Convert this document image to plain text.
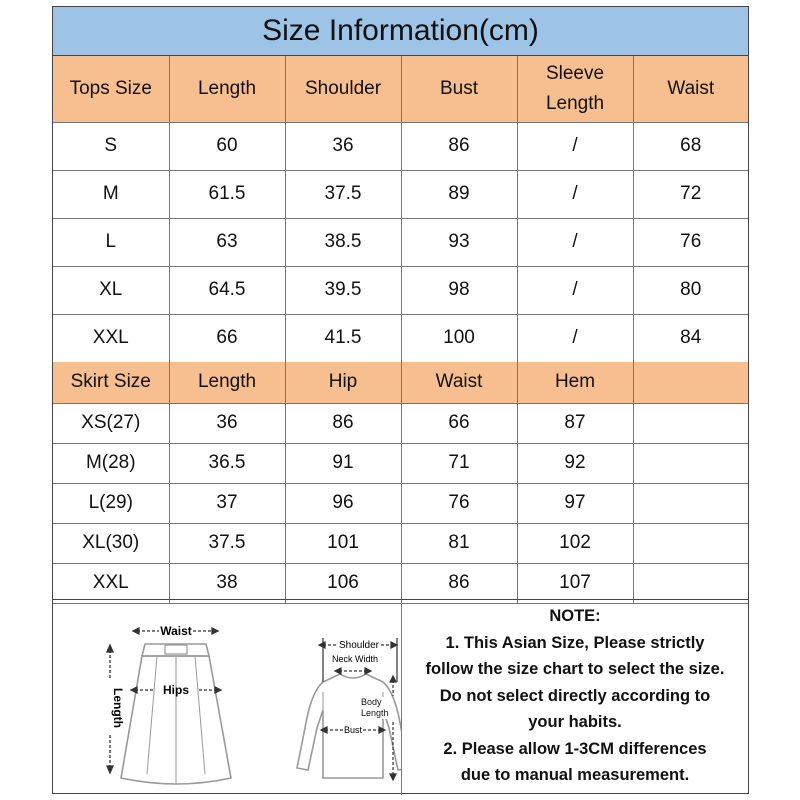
Size Information(cm)
Tops Size	Length	Shoulder	Bust	Sleeve Length	Waist
S	60	36	86	/	68
M	61.5	37.5	89	/	72
L	63	38.5	93	/	76
XL	64.5	39.5	98	/	80
XXL	66	41.5	100	/	84
Skirt Size	Length	Hip	Waist	Hem	
XS(27)	36	86	66	87	
M(28)	36.5	91	71	92	
L(29)	37	96	76	97	
XL(30)	37.5	101	81	102	
XXL	38	106	86	107	
Waist
Hips
Length
Shoulder
Neck Width
Bust
Body
Length
NOTE:
1. This Asian Size, Please strictly
follow the size chart to select the size.
Do not select directly according to
your habits.
2. Please allow 1-3CM differences
due to manual measurement.
